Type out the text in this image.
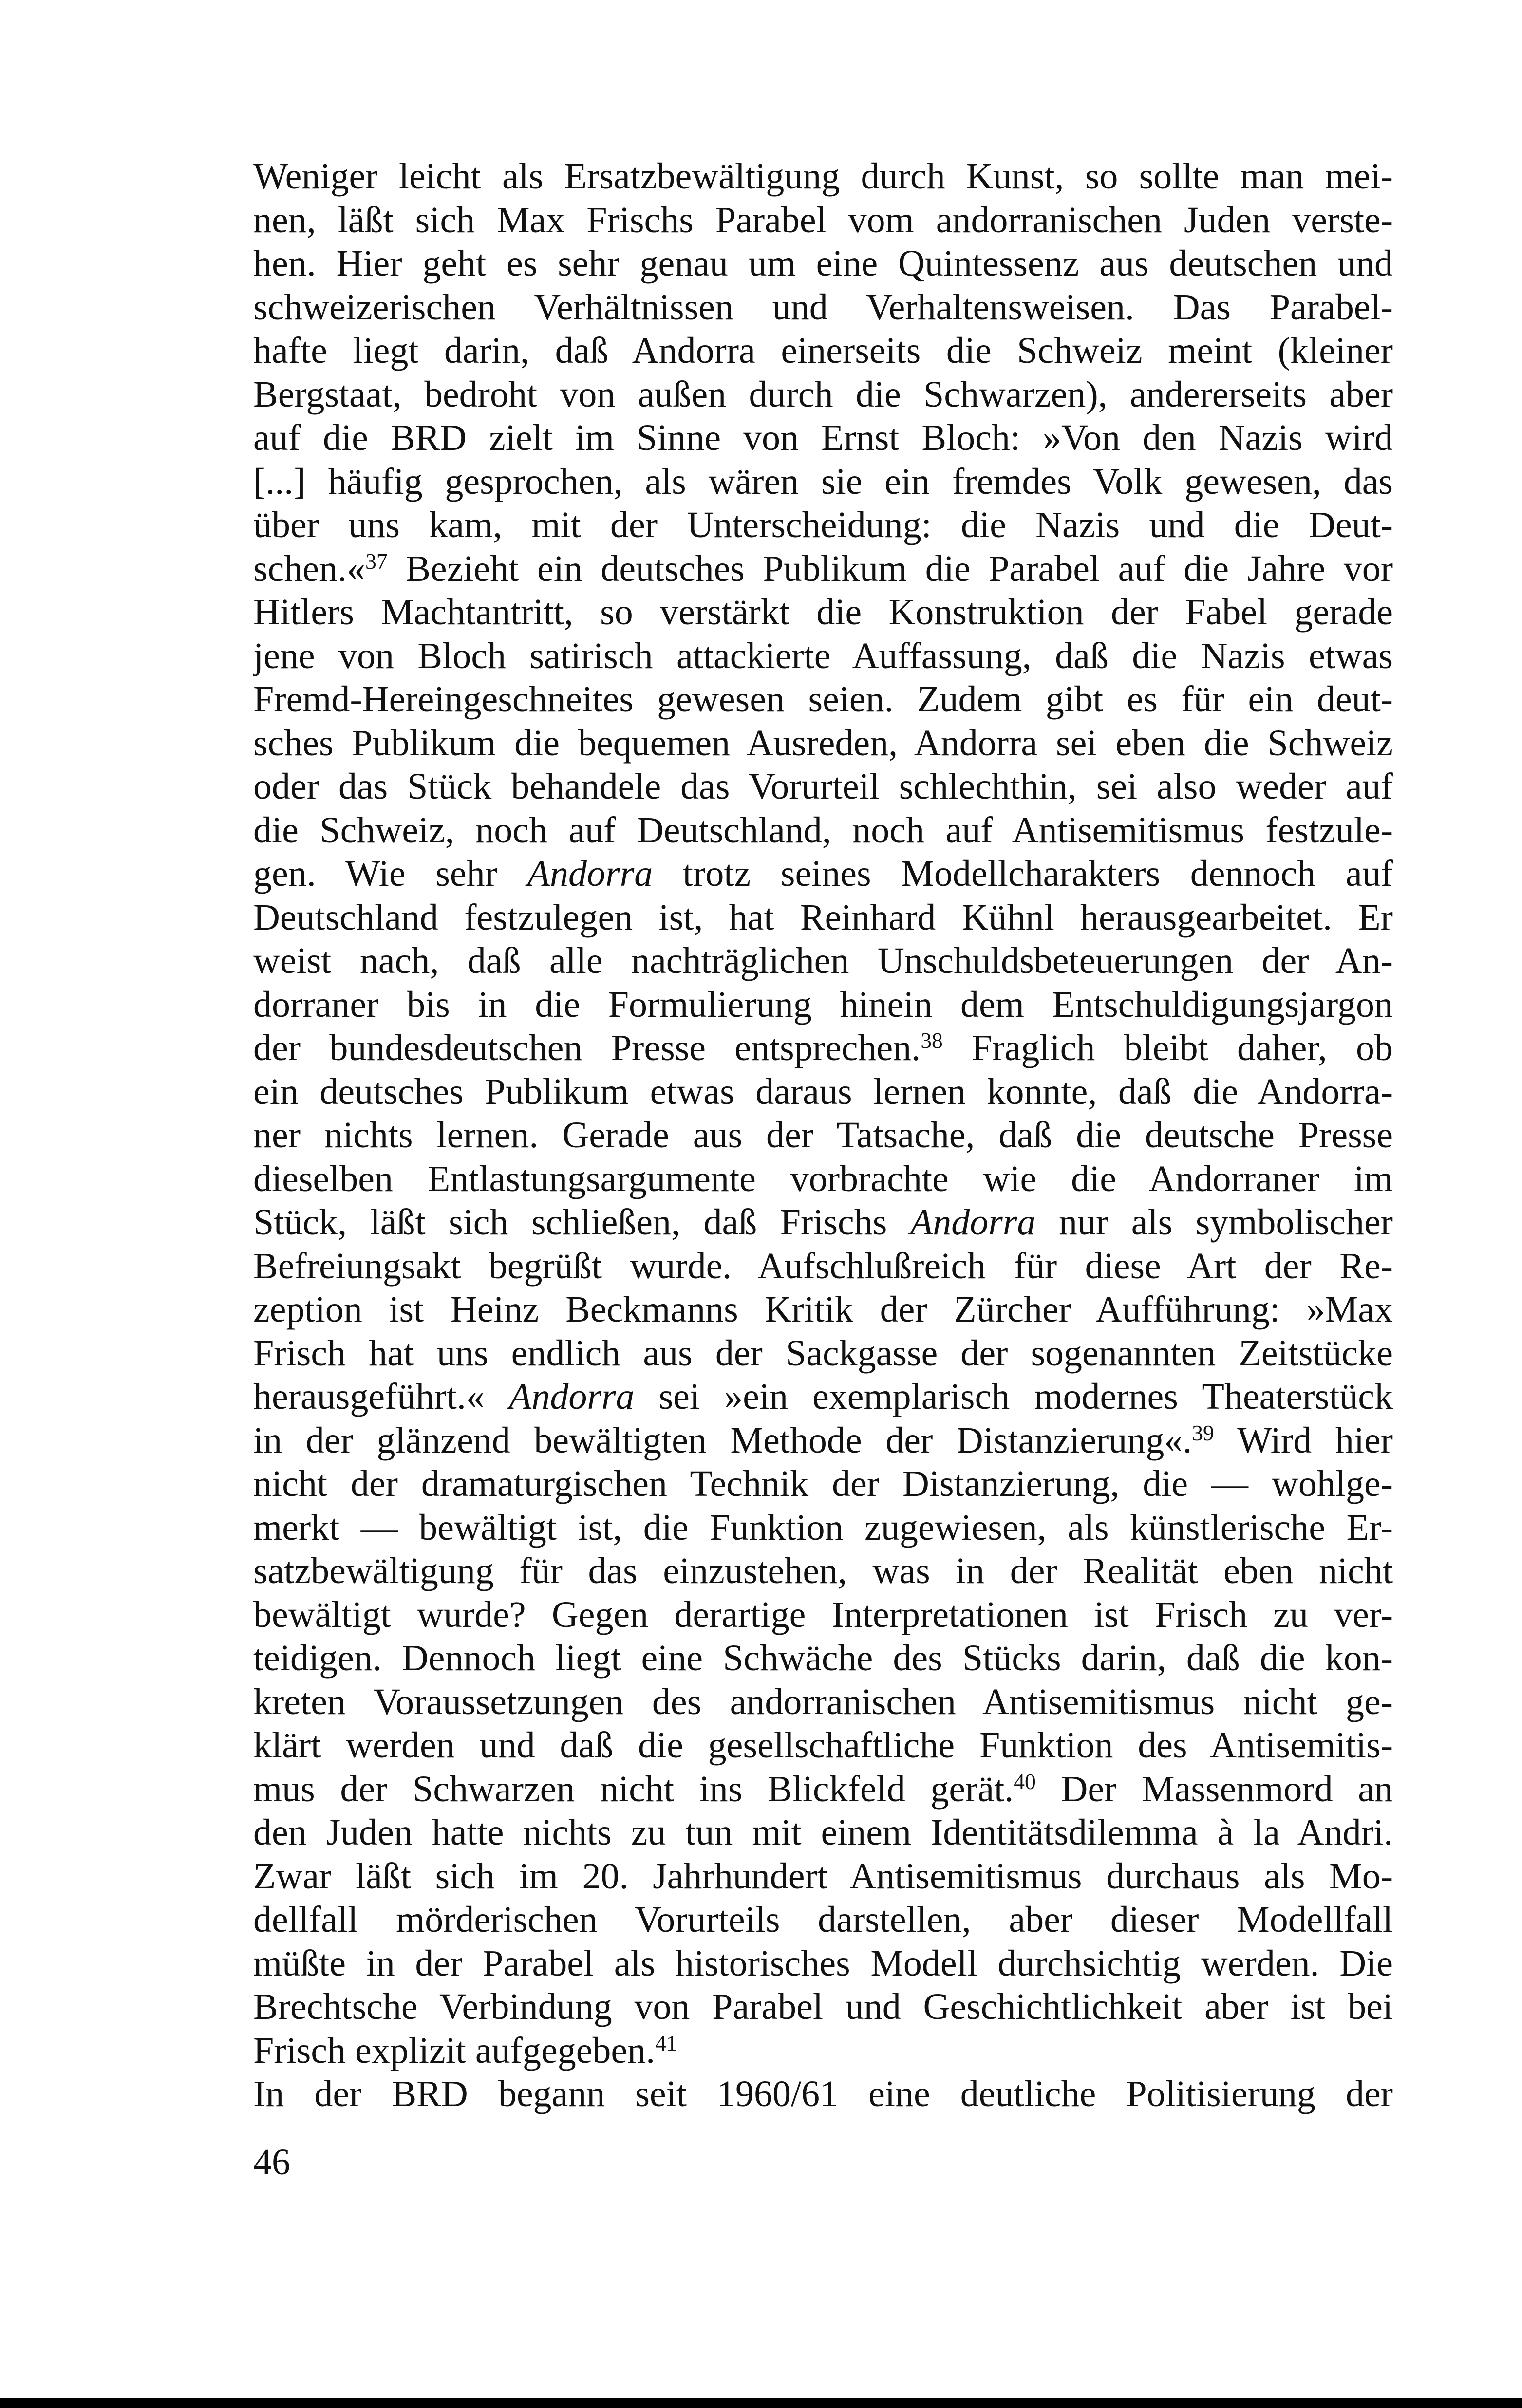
Weniger leicht als Ersatzbewältigung durch Kunst, so sollte man mei-
nen, läßt sich Max Frischs Parabel vom andorranischen Juden verste-
hen. Hier geht es sehr genau um eine Quintessenz aus deutschen und
schweizerischen Verhältnissen und Verhaltensweisen. Das Parabel-
hafte liegt darin, daß Andorra einerseits die Schweiz meint (kleiner
Bergstaat, bedroht von außen durch die Schwarzen), andererseits aber
auf die BRD zielt im Sinne von Ernst Bloch: »Von den Nazis wird
[...] häufig gesprochen, als wären sie ein fremdes Volk gewesen, das
über uns kam, mit der Unterscheidung: die Nazis und die Deut-
schen.«$^{37}$ Bezieht ein deutsches Publikum die Parabel auf die Jahre vor
Hitlers Machtantritt, so verstärkt die Konstruktion der Fabel gerade
jene von Bloch satirisch attackierte Auffassung, daß die Nazis etwas
Fremd-Hereingeschneites gewesen seien. Zudem gibt es für ein deut-
sches Publikum die bequemen Ausreden, Andorra sei eben die Schweiz
oder das Stück behandele das Vorurteil schlechthin, sei also weder auf
die Schweiz, noch auf Deutschland, noch auf Antisemitismus festzule-
gen. Wie sehr Andorra trotz seines Modellcharakters dennoch auf
Deutschland festzulegen ist, hat Reinhard Kühnl herausgearbeitet. Er
weist nach, daß alle nachträglichen Unschuldsbeteuerungen der An-
dorraner bis in die Formulierung hinein dem Entschuldigungsjargon
der bundesdeutschen Presse entsprechen.$^{38}$ Fraglich bleibt daher, ob
ein deutsches Publikum etwas daraus lernen konnte, daß die Andorra-
ner nichts lernen. Gerade aus der Tatsache, daß die deutsche Presse
dieselben Entlastungsargumente vorbrachte wie die Andorraner im
Stück, läßt sich schließen, daß Frischs Andorra nur als symbolischer
Befreiungsakt begrüßt wurde. Aufschlußreich für diese Art der Re-
zeption ist Heinz Beckmanns Kritik der Zürcher Aufführung: »Max
Frisch hat uns endlich aus der Sackgasse der sogenannten Zeitstücke
herausgeführt.« Andorra sei »ein exemplarisch modernes Theaterstück
in der glänzend bewältigten Methode der Distanzierung«.$^{39}$ Wird hier
nicht der dramaturgischen Technik der Distanzierung, die — wohlge-
merkt — bewältigt ist, die Funktion zugewiesen, als künstlerische Er-
satzbewältigung für das einzustehen, was in der Realität eben nicht
bewältigt wurde? Gegen derartige Interpretationen ist Frisch zu ver-
teidigen. Dennoch liegt eine Schwäche des Stücks darin, daß die kon-
kreten Voraussetzungen des andorranischen Antisemitismus nicht ge-
klärt werden und daß die gesellschaftliche Funktion des Antisemitis-
mus der Schwarzen nicht ins Blickfeld gerät.$^{40}$ Der Massenmord an
den Juden hatte nichts zu tun mit einem Identitätsdilemma à la Andri.
Zwar läßt sich im 20. Jahrhundert Antisemitismus durchaus als Mo-
dellfall mörderischen Vorurteils darstellen, aber dieser Modellfall
müßte in der Parabel als historisches Modell durchsichtig werden. Die
Brechtsche Verbindung von Parabel und Geschichtlichkeit aber ist bei
Frisch explizit aufgegeben.$^{41}$
In der BRD begann seit 1960/61 eine deutliche Politisierung der
46
